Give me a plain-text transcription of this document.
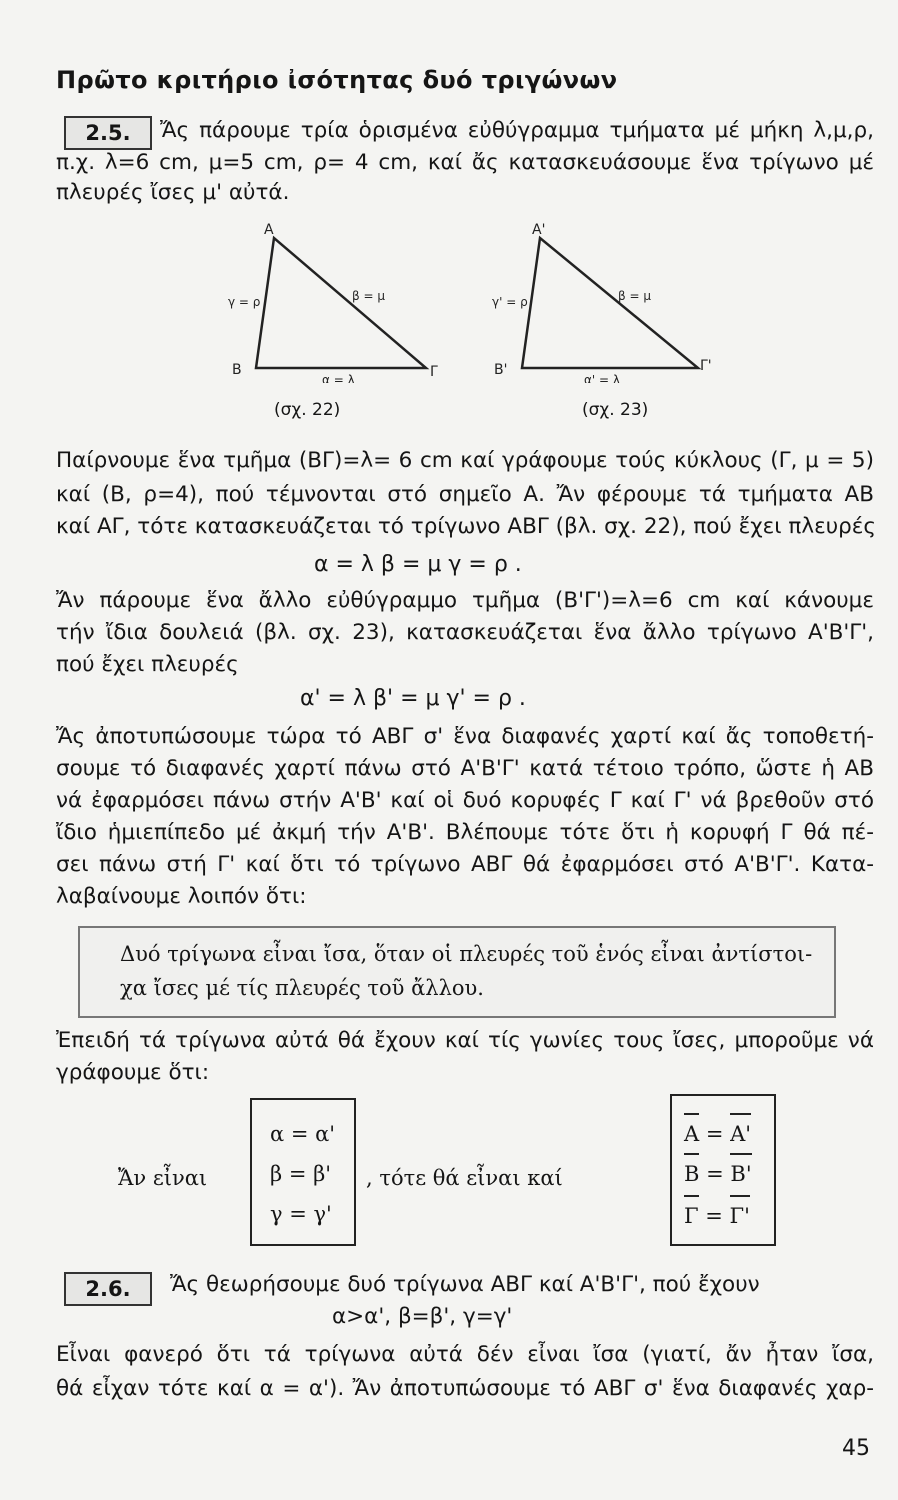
Πρῶτο κριτήριο ἰσότητας δυό τριγώνων
2.5.	Ἄς πάρουμε τρία ὁρισμένα εὐθύγραμμα τμήματα μέ μήκη λ,μ,ρ,
π.χ. λ=6 cm, μ=5 cm, ρ= 4 cm, καί ἄς κατασκευάσουμε ἕνα τρίγωνο μέ
πλευρές ἴσες μ' αὐτά.
Α
Β	Γ
γ = ρ	β = μ
α = λ
(σχ. 22)
Α'
Β'	Γ'
γ' = ρ	β = μ
α' = λ
(σχ. 23)
Παίρνουμε ἕνα τμῆμα (ΒΓ)=λ= 6 cm καί γράφουμε τούς κύκλους (Γ, μ = 5)
καί (Β, ρ=4), πού τέμνονται στό σημεῖο Α. Ἄν φέρουμε τά τμήματα ΑΒ
καί ΑΓ, τότε κατασκευάζεται τό τρίγωνο ΑΒΓ (βλ. σχ. 22), πού ἔχει πλευρές
α = λ β = μ γ = ρ .
Ἄν πάρουμε ἕνα ἄλλο εὐθύγραμμο τμῆμα (Β'Γ')=λ=6 cm καί κάνουμε
τήν ἴδια δουλειά (βλ. σχ. 23), κατασκευάζεται ἕνα ἄλλο τρίγωνο Α'Β'Γ',
πού ἔχει πλευρές
α' = λ β' = μ γ' = ρ .
Ἄς ἀποτυπώσουμε τώρα τό ΑΒΓ σ' ἕνα διαφανές χαρτί καί ἄς τοποθετή-
σουμε τό διαφανές χαρτί πάνω στό Α'Β'Γ' κατά τέτοιο τρόπο, ὥστε ἡ ΑΒ
νά ἐφαρμόσει πάνω στήν Α'Β' καί οἱ δυό κορυφές Γ καί Γ' νά βρεθοῦν στό
ἴδιο ἡμιεπίπεδο μέ ἀκμή τήν Α'Β'. Βλέπουμε τότε ὅτι ἡ κορυφή Γ θά πέ-
σει πάνω στή Γ' καί ὅτι τό τρίγωνο ΑΒΓ θά ἐφαρμόσει στό Α'Β'Γ'. Κατα-
λαβαίνουμε λοιπόν ὅτι:
Δυό τρίγωνα εἶναι ἴσα, ὅταν οἱ πλευρές τοῦ ἑνός εἶναι ἀντίστοι-
χα ἴσες μέ τίς πλευρές τοῦ ἄλλου.
Ἐπειδή τά τρίγωνα αὐτά θά ἔχουν καί τίς γωνίες τους ἴσες, μποροῦμε νά
γράφουμε ὅτι:
Ἄν εἶναι
α = α'
β = β'
γ = γ'
, τότε θά εἶναι καί
Α = Α'
Β = Β'
Γ = Γ'
2.6.	Ἄς θεωρήσουμε δυό τρίγωνα ΑΒΓ καί Α'Β'Γ', πού ἔχουν
α>α', β=β', γ=γ'
Εἶναι φανερό ὅτι τά τρίγωνα αὐτά δέν εἶναι ἴσα (γιατί, ἄν ἦταν ἴσα,
θά εἶχαν τότε καί α = α'). Ἄν ἀποτυπώσουμε τό ΑΒΓ σ' ἕνα διαφανές χαρ-
45
